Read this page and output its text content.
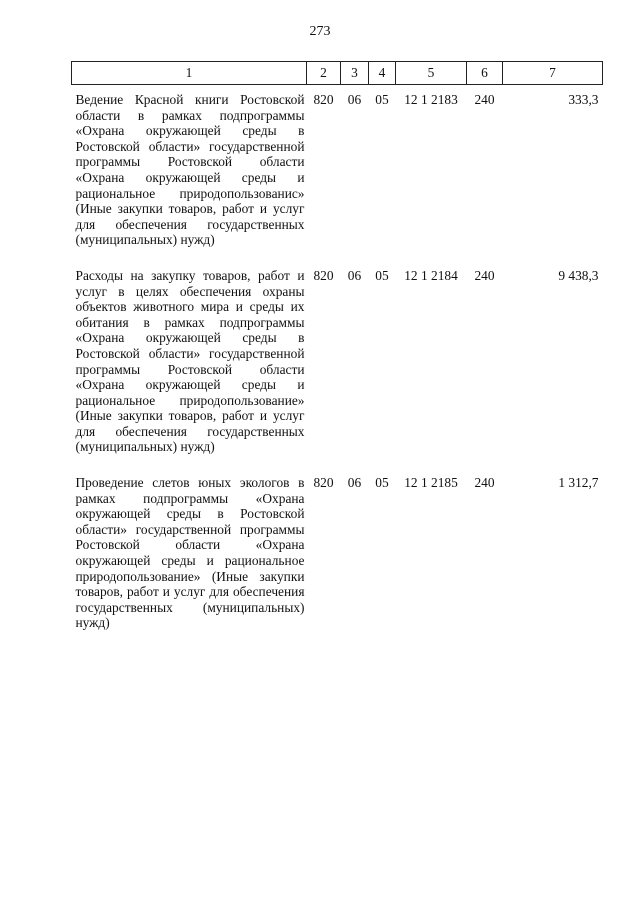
273
1	2	3	4	5	6	7
Ведение Красной книги Ростовской области в рамках подпрограммы «Охрана окружающей среды в Ростовской области» государственной программы Ростовской области «Охрана окружающей среды и рациональное природопользованис» (Иные закупки товаров, работ и услуг для обеспечения государственных (муниципальных) нужд)	820	06	05	12 1 2183	240	333,3
Расходы на закупку товаров, работ и услуг в целях обеспечения охраны объектов животного мира и среды их обитания в рамках подпрограммы «Охрана окружающей среды в Ростовской области» государственной программы Ростовской области «Охрана окружающей среды и рациональное природопользование» (Иные закупки товаров, работ и услуг для обеспечения государственных (муниципальных) нужд)	820	06	05	12 1 2184	240	9 438,3
Проведение слетов юных экологов в рамках подпрограммы «Охрана окружающей среды в Ростовской области» государственной программы Ростовской области «Охрана окружающей среды и рациональное природопользование» (Иные закупки товаров, работ и услуг для обеспечения государственных (муниципальных) нужд)	820	06	05	12 1 2185	240	1 312,7
